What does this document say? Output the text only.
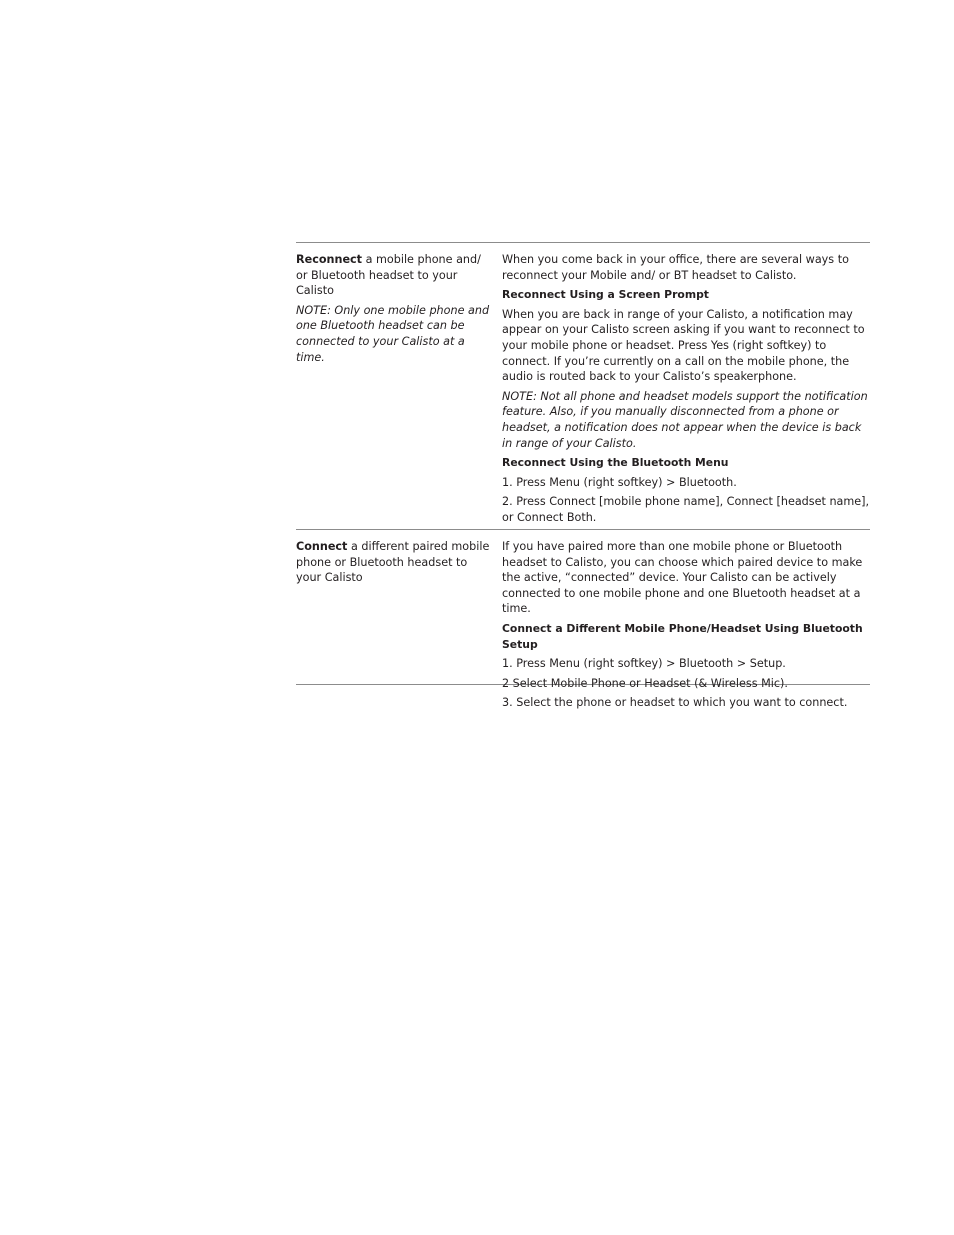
Reconnect a mobile phone and/ or Bluetooth headset to your Calisto

NOTE: Only one mobile phone and one Bluetooth headset can be connected to your Calisto at a time.

When you come back in your office, there are several ways to reconnect your Mobile and/ or BT headset to Calisto.

Reconnect Using a Screen Prompt

When you are back in range of your Calisto, a notification may appear on your Calisto screen asking if you want to reconnect to your mobile phone or headset. Press Yes (right softkey) to connect. If you’re currently on a call on the mobile phone, the audio is routed back to your Calisto’s speakerphone.

NOTE: Not all phone and headset models support the notification feature. Also, if you manually disconnected from a phone or headset, a notification does not appear when the device is back in range of your Calisto.

Reconnect Using the Bluetooth Menu

1. Press Menu (right softkey) > Bluetooth.

2. Press Connect [mobile phone name], Connect [headset name], or Connect Both.

Connect a different paired mobile phone or Bluetooth headset to your Calisto

If you have paired more than one mobile phone or Bluetooth headset to Calisto, you can choose which paired device to make the active, “connected” device. Your Calisto can be actively connected to one mobile phone and one Bluetooth headset at a time.

Connect a Different Mobile Phone/Headset Using Bluetooth Setup

1. Press Menu (right softkey) > Bluetooth > Setup.

2 Select Mobile Phone or Headset (& Wireless Mic).

3. Select the phone or headset to which you want to connect.
